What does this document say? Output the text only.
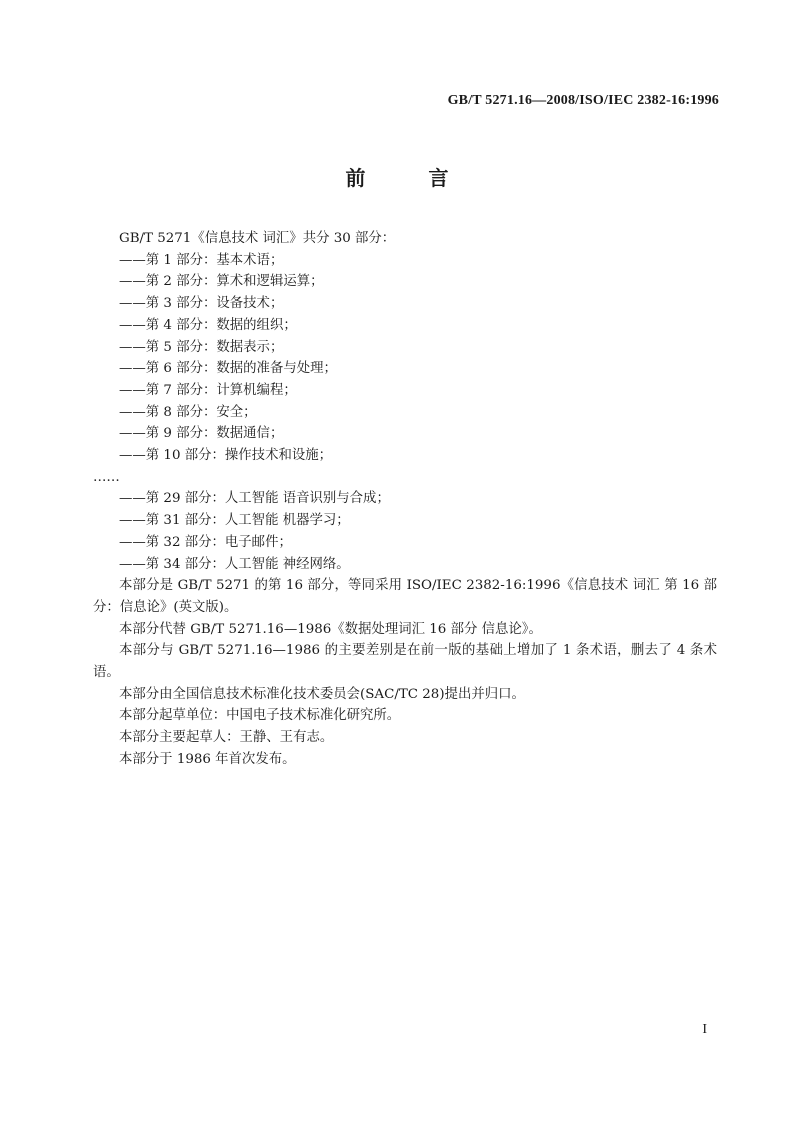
GB/T 5271.16—2008/ISO/IEC 2382-16:1996
前 言
GB/T 5271《信息技术 词汇》共分 30 部分：
——第 1 部分：基本术语；
——第 2 部分：算术和逻辑运算；
——第 3 部分：设备技术；
——第 4 部分：数据的组织；
——第 5 部分：数据表示；
——第 6 部分：数据的准备与处理；
——第 7 部分：计算机编程；
——第 8 部分：安全；
——第 9 部分：数据通信；
——第 10 部分：操作技术和设施；
……
——第 29 部分：人工智能 语音识别与合成；
——第 31 部分：人工智能 机器学习；
——第 32 部分：电子邮件；
——第 34 部分：人工智能 神经网络。
本部分是 GB/T 5271 的第 16 部分，等同采用 ISO/IEC 2382-16:1996《信息技术 词汇 第 16 部分：信息论》(英文版)。
本部分代替 GB/T 5271.16—1986《数据处理词汇 16 部分 信息论》。
本部分与 GB/T 5271.16—1986 的主要差别是在前一版的基础上增加了 1 条术语，删去了 4 条术语。
本部分由全国信息技术标准化技术委员会(SAC/TC 28)提出并归口。
本部分起草单位：中国电子技术标准化研究所。
本部分主要起草人：王静、王有志。
本部分于 1986 年首次发布。
I
